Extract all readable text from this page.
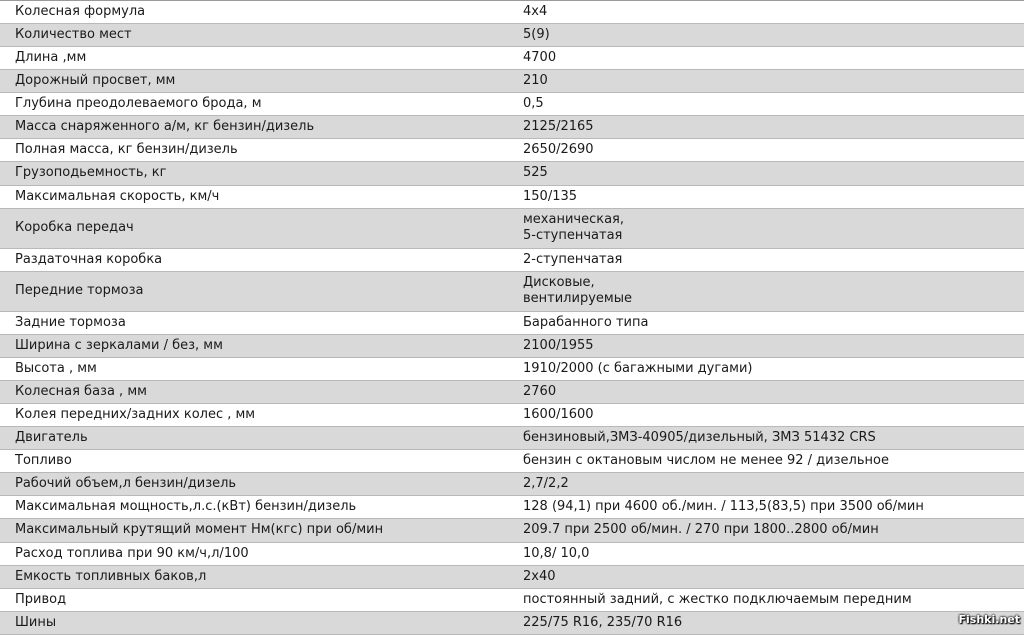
Колесная формула	4х4

Количество мест	5(9)

Длина ,мм	4700

Дорожный просвет, мм	210

Глубина преодолеваемого брода, м	0,5

Масса снаряженного а/м, кг бензин/дизель	2125/2165

Полная масса, кг бензин/дизель	2650/2690

Грузоподьемность, кг	525

Максимальная скорость, км/ч	150/135

Коробка передач	механическая,
5-ступенчатая

Раздаточная коробка	2-ступенчатая

Передние тормоза	Дисковые,
вентилируемые

Задние тормоза	Барабанного типа

Ширина с зеркалами / без, мм	2100/1955

Высота , мм	1910/2000 (с багажными дугами)

Колесная база , мм	2760

Колея передних/задних колес , мм	1600/1600

Двигатель	бензиновый,ЗМЗ-40905/дизельный, ЗМЗ 51432 CRS

Топливо	бензин с октановым числом не менее 92 / дизельное

Рабочий объем,л бензин/дизель	2,7/2,2

Максимальная мощность,л.с.(кВт) бензин/дизель	128 (94,1) при 4600 об./мин. / 113,5(83,5) при 3500 об/мин

Максимальный крутящий момент Нм(кгс) при об/мин	209.7 при 2500 об/мин. / 270 при 1800..2800 об/мин

Расход топлива при 90 км/ч,л/100	10,8/ 10,0

Емкость топливных баков,л	2х40

Привод	постоянный задний, с жестко подключаемым передним

Шины	225/75 R16, 235/70 R16	Fishki.net
